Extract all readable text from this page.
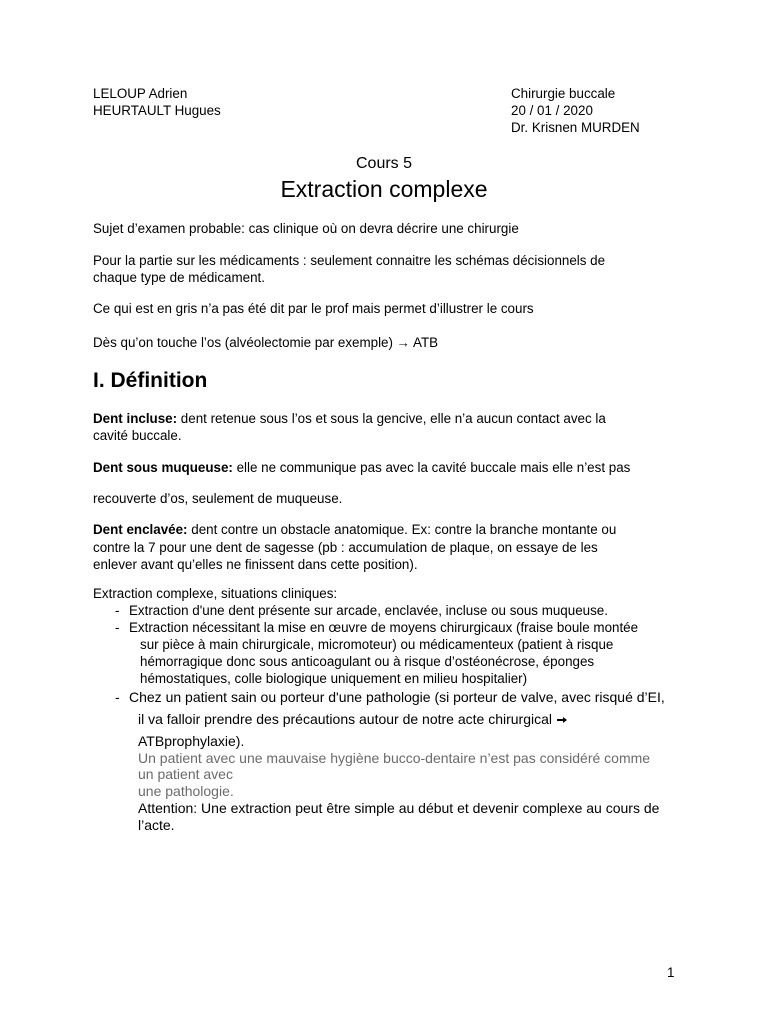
LELOUP Adrien
HEURTAULT Hugues
Chirurgie buccale
20 / 01 / 2020
Dr. Krisnen MURDEN
Cours 5
Extraction complexe
Sujet d’examen probable: cas clinique où on devra décrire une chirurgie
Pour la partie sur les médicaments : seulement connaitre les schémas décisionnels de
chaque type de médicament.
Ce qui est en gris n’a pas été dit par le prof mais permet d’illustrer le cours
Dès qu’on touche l’os (alvéolectomie par exemple) → ATB
I. Définition
Dent incluse: dent retenue sous l’os et sous la gencive, elle n’a aucun contact avec la
cavité buccale.
Dent sous muqueuse: elle ne communique pas avec la cavité buccale mais elle n’est pas
recouverte d’os, seulement de muqueuse.
Dent enclavée: dent contre un obstacle anatomique. Ex: contre la branche montante ou
contre la 7 pour une dent de sagesse (pb : accumulation de plaque, on essaye de les
enlever avant qu’elles ne finissent dans cette position).
Extraction complexe, situations cliniques:
- Extraction d'une dent présente sur arcade, enclavée, incluse ou sous muqueuse.
- Extraction nécessitant la mise en œuvre de moyens chirurgicaux (fraise boule montée
sur pièce à main chirurgicale, micromoteur) ou médicamenteux (patient à risque
hémorragique donc sous anticoagulant ou à risque d’ostéonécrose, éponges
hémostatiques, colle biologique uniquement en milieu hospitalier)
- Chez un patient sain ou porteur d'une pathologie (si porteur de valve, avec risqué d’EI,
il va falloir prendre des précautions autour de notre acte chirurgical
ATBprophylaxie).
Un patient avec une mauvaise hygiène bucco-dentaire n’est pas considéré comme
un patient avec
une pathologie.
Attention: Une extraction peut être simple au début et devenir complexe au cours de
l’acte.
1
